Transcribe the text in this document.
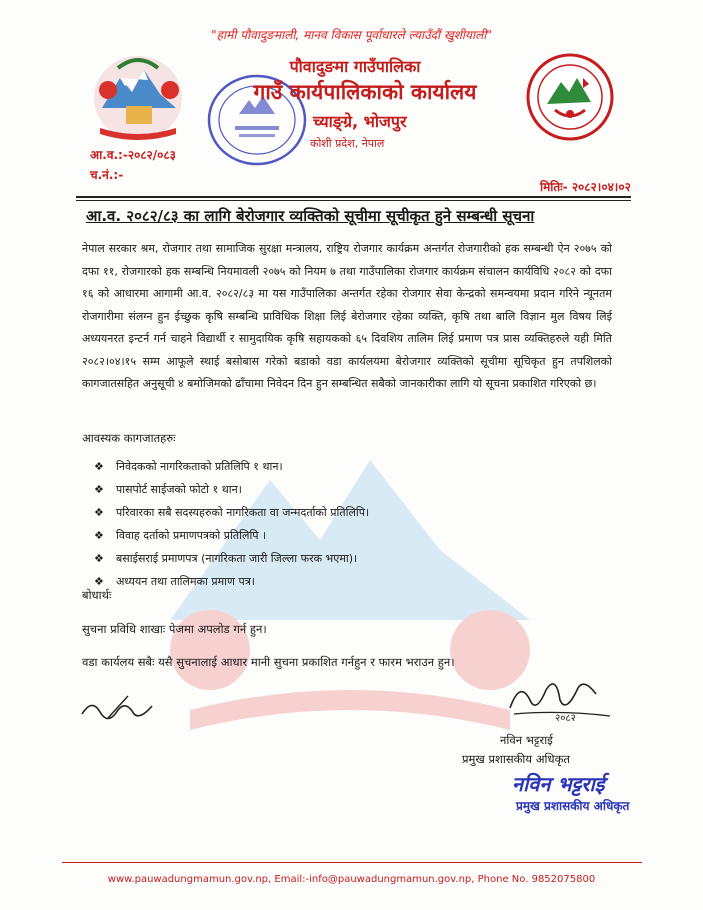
"हामी पौवादुङमाली, मानव विकास पूर्वाधारले ल्याउँदौं खुशीयाली"
पौवादुङमा गाउँपालिका
गाउँ कार्यपालिकाको कार्यालय
च्याङ्ग्रे, भोजपुर
कोशी प्रदेश, नेपाल
आ.व.:-२०८२/०८३
च.नं.:-
मितिः- २०८२।०४।०२
आ.व. २०८२/८३ का लागि बेरोजगार व्यक्तिको सूचीमा सूचीकृत हुने सम्बन्धी सूचना
नेपाल सरकार श्रम, रोजगार तथा सामाजिक सुरक्षा मन्त्रालय, राष्ट्रिय रोजगार कार्यक्रम अन्तर्गत रोजगारीको हक सम्बन्धी ऐन २०७५ को दफा ११, रोजगारको हक सम्बन्धि नियमावली २०७५ को नियम ७ तथा गाउँपालिका रोजगार कार्यक्रम संचालन कार्यविधि २०८२ को दफा १६ को आधारमा आगामी आ.व. २०८२/८३ मा यस गाउँपालिका अन्तर्गत रहेका रोजगार सेवा केन्द्रको समन्वयमा प्रदान गरिने न्यूनतम रोजगारीमा संलग्न हुन ईच्छुक कृषि सम्बन्धि प्राविधिक शिक्षा लिई बेरोजगार रहेका व्यक्ति, कृषि तथा बालि विज्ञान मुल विषय लिई अध्ययनरत इन्टर्न गर्न चाहने विद्यार्थी र सामुदायिक कृषि सहायकको ६५ दिवशिय तालिम लिई प्रमाण पत्र प्रास व्यक्तिहरुले यही मिति २०८२।०४।१५ सम्म आफूले स्थाई बसोबास गरेको बडाको वडा कार्यलयमा बेरोजगार व्यक्तिको सूचीमा सूचिकृत हुन तपशिलको कागजातसहित अनुसूची ४ बमोजिमको ढाँचामा निवेदन दिन हुन सम्बन्धित सबैको जानकारीका लागि यो सूचना प्रकाशित गरिएको छ।
आवस्यक कागजातहरुः
❖ निवेदकको नागरिकताको प्रतिलिपि १ थान।
❖ पासपोर्ट साईजको फोटो १ थान।
❖ परिवारका सबै सदस्यहरुको नागरिकता वा जन्मदर्ताको प्रतिलिपि।
❖ विवाह दर्ताको प्रमाणपत्रको प्रतिलिपि ।
❖ बसाईसराई प्रमाणपत्र (नागरिकता जारी जिल्ला फरक भएमा)।
❖ अध्ययन तथा तालिमका प्रमाण पत्र।
बोधार्थः
सुचना प्रविधि शाखाः पेजमा अपलोड गर्न हुन।
वडा कार्यलय सबैः यसै सुचनालाई आधार मानी सुचना प्रकाशित गर्नहुन र फारम भराउन हुन।
२०८२
नविन भट्टराई
प्रमुख प्रशासकीय अधिकृत
नविन भट्टराई
प्रमुख प्रशासकीय अधिकृत
www.pauwadungmamun.gov.np, Email:-info@pauwadungmamun.gov.np, Phone No. 9852075800
